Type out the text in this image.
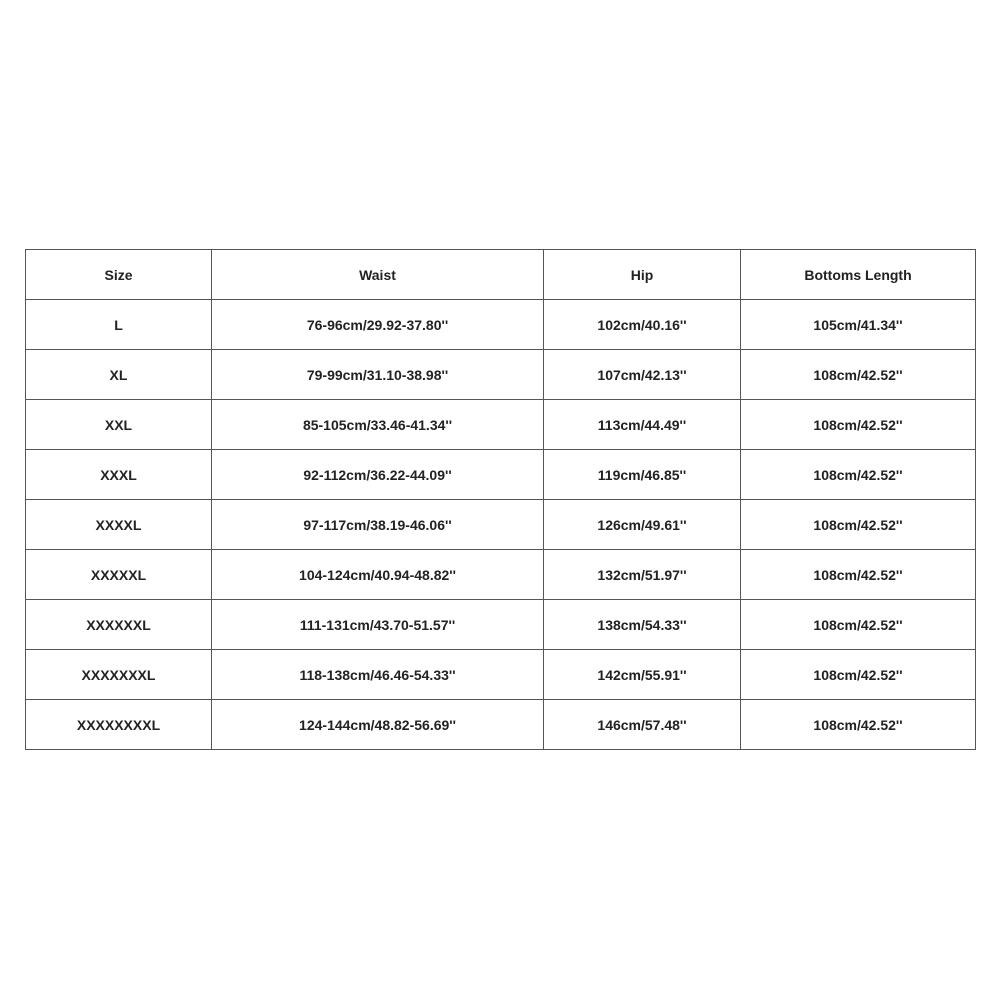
Size	Waist	Hip	Bottoms Length
L	76-96cm/29.92-37.80''	102cm/40.16''	105cm/41.34''
XL	79-99cm/31.10-38.98''	107cm/42.13''	108cm/42.52''
XXL	85-105cm/33.46-41.34''	113cm/44.49''	108cm/42.52''
XXXL	92-112cm/36.22-44.09''	119cm/46.85''	108cm/42.52''
XXXXL	97-117cm/38.19-46.06''	126cm/49.61''	108cm/42.52''
XXXXXL	104-124cm/40.94-48.82''	132cm/51.97''	108cm/42.52''
XXXXXXL	111-131cm/43.70-51.57''	138cm/54.33''	108cm/42.52''
XXXXXXXL	118-138cm/46.46-54.33''	142cm/55.91''	108cm/42.52''
XXXXXXXXL	124-144cm/48.82-56.69''	146cm/57.48''	108cm/42.52''
